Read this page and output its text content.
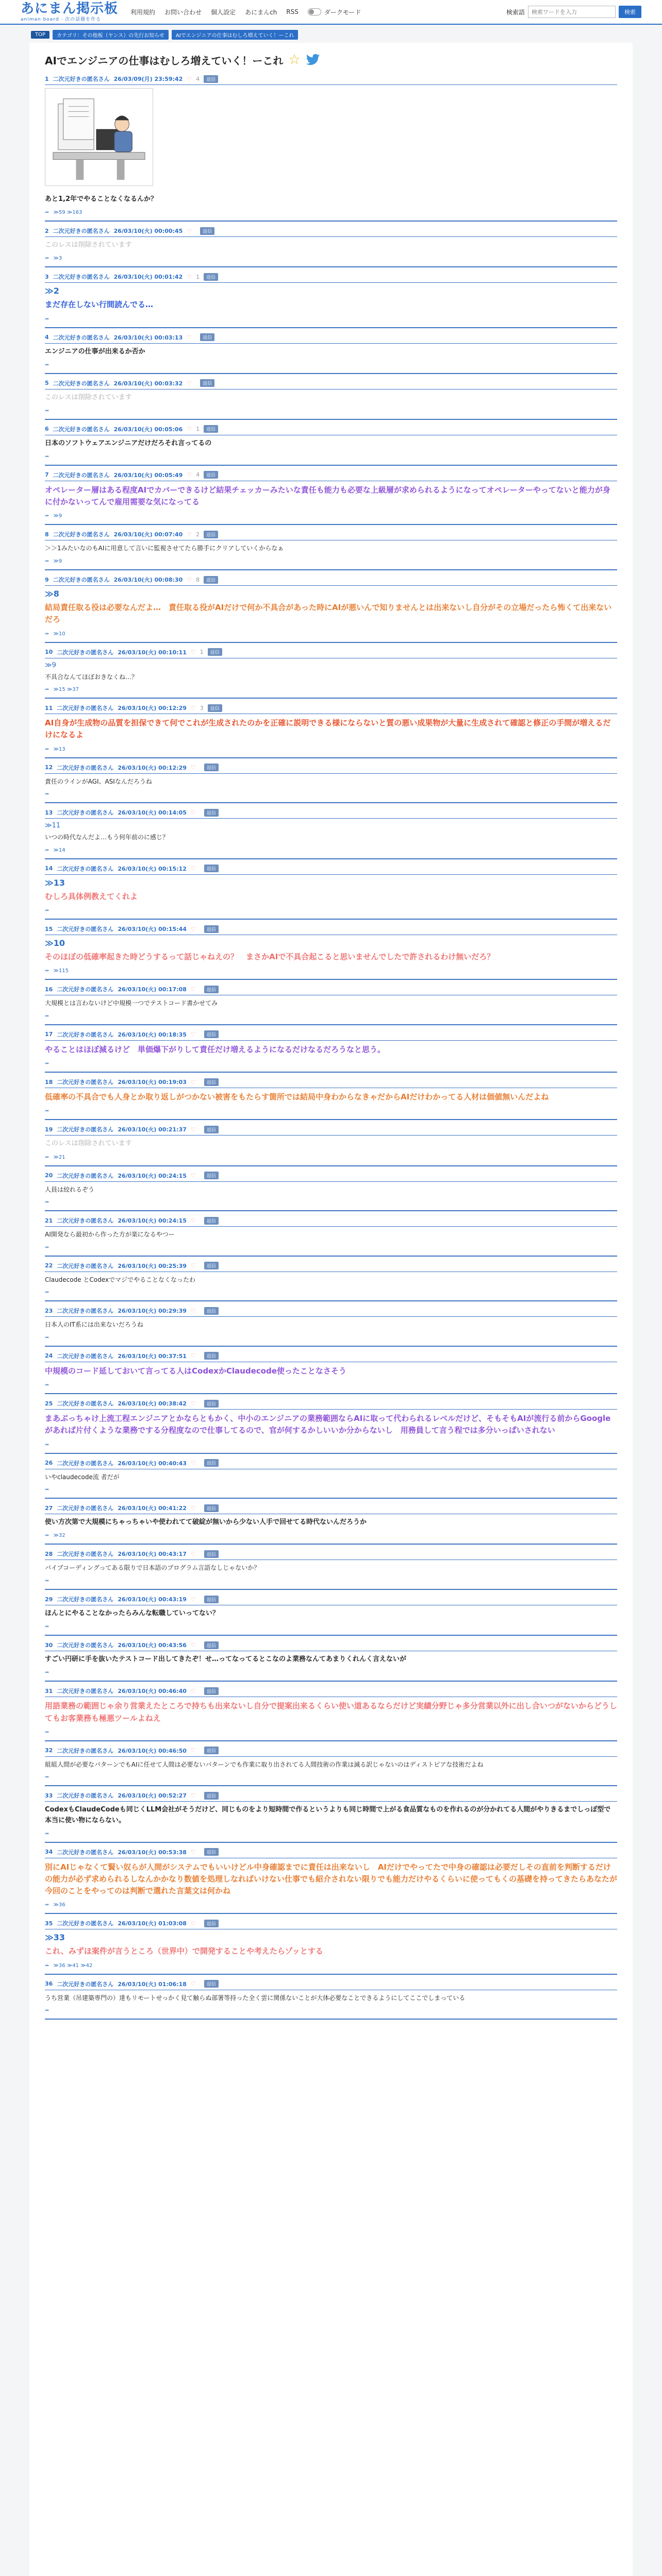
あにまん掲示板
animan board · 次の話題を作る
利用規約 お問い合わせ 個人設定 あにまんch RSS	ダークモード	検索語
検索ワードを入力	検索
TOP	カテゴリ：その他板（ヤンス）の先行お知らせ	AIでエンジニアの仕事はむしろ増えていく！ーこれ
AIでエンジニアの仕事はむしろ増えていく！ーこれ ☆
1 二次元好きの匿名さん 26/03/09(月) 23:59:42 ♡ 4	返信
あと1,2年でやることなくなるんか？
➦ ≫59 ≫163
2 二次元好きの匿名さん 26/03/10(火) 00:00:45 ♡	返信
このレスは削除されています
➦ ≫3
3 二次元好きの匿名さん 26/03/10(火) 00:01:42 ♡ 1	返信
≫2
まだ存在しない行間読んでる…
➦
4 二次元好きの匿名さん 26/03/10(火) 00:03:13 ♡	返信
エンジニアの仕事が出来るか否か
➦
5 二次元好きの匿名さん 26/03/10(火) 00:03:32 ♡	返信
このレスは削除されています
➦
6 二次元好きの匿名さん 26/03/10(火) 00:05:06 ♡ 1	返信
日本のソフトウェアエンジニアだけだろそれ言ってるの
➦
7 二次元好きの匿名さん 26/03/10(火) 00:05:49 ♡ 4	返信
オペレーター層はある程度AIでカバーできるけど結果チェッカーみたいな責任も能力も必要な上級層が求められるようになってオペレーターやってないと能力が身に付かないってんで雇用需要な気になってる
➦ ≫9
8 二次元好きの匿名さん 26/03/10(火) 00:07:40 ♡ 2	返信
＞＞1みたいなのもAIに用意して言いに監視させてたら勝手にクリアしていくからなぁ
➦ ≫9
9 二次元好きの匿名さん 26/03/10(火) 00:08:30 ♡ 8	返信
≫8
結局責任取る役は必要なんだよ…　責任取る役がAIだけで何か不具合があった時にAIが悪いんで知りませんとは出来ないし自分がその立場だったら怖くて出来ないだろ
➦ ≫10
10 二次元好きの匿名さん 26/03/10(火) 00:10:11 ♡ 1	返信
≫9
不具合なんてほぼおきなくね…？
➦ ≫15 ≫37
11 二次元好きの匿名さん 26/03/10(火) 00:12:29 ♡ 3	返信
AI自身が生成物の品質を担保できて何でこれが生成されたのかを正確に説明できる様にならないと質の悪い成果物が大量に生成されて確認と修正の手間が増えるだけになるよ
➦ ≫13
12 二次元好きの匿名さん 26/03/10(火) 00:12:29 ♡	返信
責任のラインがAGI、ASIなんだろうね
➦
13 二次元好きの匿名さん 26/03/10(火) 00:14:05 ♡	返信
≫11
いつの時代なんだよ…もう何年前のに感じ？
➦ ≫14
14 二次元好きの匿名さん 26/03/10(火) 00:15:12 ♡	返信
≫13
むしろ具体例教えてくれよ
➦
15 二次元好きの匿名さん 26/03/10(火) 00:15:44 ♡	返信
≫10
そのほぼの低確率起きた時どうするって話じゃねえの？　まさかAIで不具合起こると思いませんでしたで許されるわけ無いだろ？
➦ ≫115
16 二次元好きの匿名さん 26/03/10(火) 00:17:08 ♡	返信
大規模とは言わないけど中規模一つでテストコード書かせてみ
➦
17 二次元好きの匿名さん 26/03/10(火) 00:18:35 ♡	返信
やることはほぼ減るけど　単価爆下がりして責任だけ増えるようになるだけなるだろうなと思う。
➦
18 二次元好きの匿名さん 26/03/10(火) 00:19:03 ♡	返信
低確率の不具合でも人身とか取り返しがつかない被害をもたらす箇所では結局中身わからなきゃだからAIだけわかってる人材は価値無いんだよね
➦
19 二次元好きの匿名さん 26/03/10(火) 00:21:37 ♡	返信
このレスは削除されています
➦ ≫21
20 二次元好きの匿名さん 26/03/10(火) 00:24:15 ♡	返信
人員は絞れるぞう
➦
21 二次元好きの匿名さん 26/03/10(火) 00:24:15 ♡	返信
AI開発なら最初から作った方が楽になるやつー
➦
22 二次元好きの匿名さん 26/03/10(火) 00:25:39 ♡	返信
Claudecode とCodexでマジでやることなくなったわ
➦
23 二次元好きの匿名さん 26/03/10(火) 00:29:39 ♡	返信
日本人のIT系には出来ないだろうね
➦
24 二次元好きの匿名さん 26/03/10(火) 00:37:51 ♡	返信
中規模のコード延しておいて言ってる人はCodexかClaudecode使ったことなさそう
➦
25 二次元好きの匿名さん 26/03/10(火) 00:38:42 ♡	返信
まあぶっちゃけ上流工程エンジニアとかならともかく、中小のエンジニアの業務範囲ならAIに取って代わられるレベルだけど、そもそもAIが流行る前からGoogleがあれば片付くような業務でする分程度なので仕事してるので、官が何するかしいいか分からないし　用務員して言う程では多分いっぱいされない
➦
26 二次元好きの匿名さん 26/03/10(火) 00:40:43 ♡	返信
いやclaudecode流 者だが
➦
27 二次元好きの匿名さん 26/03/10(火) 00:41:22 ♡	返信
使い方次第で大規模にちゃっちゃいや使われてて破綻が無いから少ない人手で回せてる時代ないんだろうか
➦ ≫32
28 二次元好きの匿名さん 26/03/10(火) 00:43:17 ♡	返信
バイブコーディングってある限りで日本語のプログラム言語なしじゃないか？
➦
29 二次元好きの匿名さん 26/03/10(火) 00:43:19 ♡	返信
ほんとにやることなかったらみんな転職していってない？
➦
30 二次元好きの匿名さん 26/03/10(火) 00:43:56 ♡	返信
すごい円研に手を抜いたテストコード出してきたぞ！せ…ってなってるとこなのよ業務なんてあまりくれんく言えないが
➦
31 二次元好きの匿名さん 26/03/10(火) 00:46:40 ♡	返信
用語業務の範囲じゃ余り営業えたところで持ちも出来ないし自分で提案出来るくらい使い道あるならだけど実績分野じゃ多分営業以外に出し合いつがないからどうしてもお客業務も極悪ツールよねえ
➦
32 二次元好きの匿名さん 26/03/10(火) 00:46:50 ♡	返信
組組人間が必要なパターンでもAIに任せて人間は必要ないパターンでも作業に取り出されてる人間技術の作業は減る訳じゃないのはディストピアな技術だよね
➦
33 二次元好きの匿名さん 26/03/10(火) 00:52:27 ♡	返信
CodexもClaudeCodeも同じくLLM会社がそうだけど、同じものをより短時間で作るというよりも同じ時間で上がる食品質なものを作れるのが分かれてる人間がやりきるまでしっぽ型で本当に使い物にならない。
➦
34 二次元好きの匿名さん 26/03/10(火) 00:53:38 ♡	返信
別にAIじゃなくて賢い奴らが人間がシステムでもいいけどル中身確認までに責任は出来ないし　AIだけでやってたで中身の確認は必要だしその直前を判断するだけの能力が必ず求められるしなんかかなり数値を処理しなればいけない仕事でも紹介されない限りでも能力だけやるくらいに使ってもくの基礎を持ってきたらあなたが今回のことをやってのは判断で選れた言葉文は何かね
➦ ≫36
35 二次元好きの匿名さん 26/03/10(火) 01:03:08 ♡	返信
≫33
これ、みずほ案件が言うところ（世界中）で開発することや考えたらゾッとする
➦ ≫36 ≫41 ≫42
36 二次元好きの匿名さん 26/03/10(火) 01:06:18 ♡	返信
うち営業（吊建築専門の）達もリモートせっかく見て触らぬ部署等持った全く雲に関係ないことが大体必要なことできるようにしてここでしまっている
➦
